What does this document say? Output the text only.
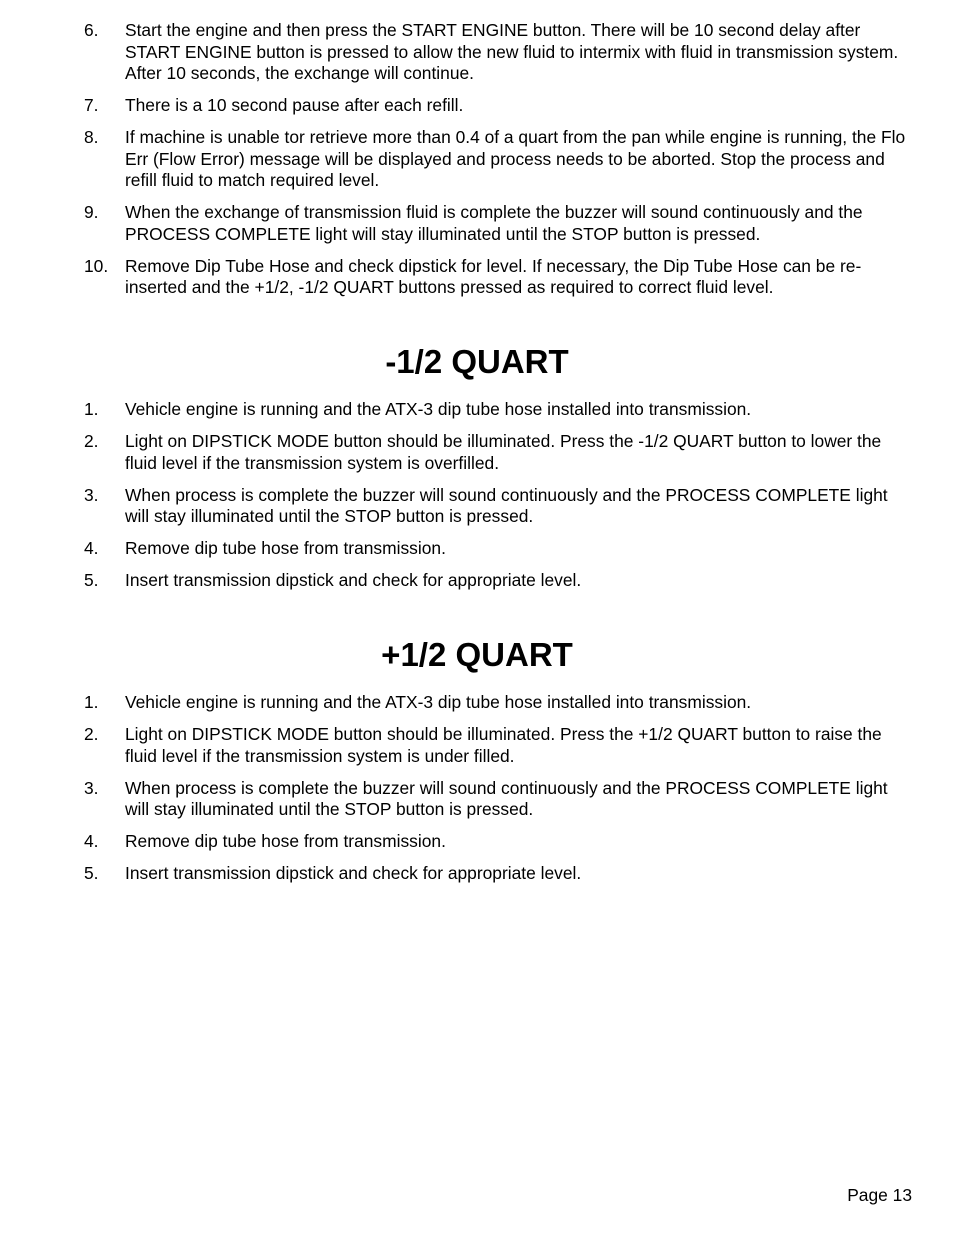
6.	Start the engine and then press the START ENGINE button. There will be 10 second delay after START ENGINE button is pressed to allow the new fluid to intermix with fluid in transmission system. After 10 seconds, the exchange will continue.
7.	There is a 10 second pause after each refill.
8.	If machine is unable tor retrieve more than 0.4 of a quart from the pan while engine is running, the Flo Err (Flow Error) message will be displayed and process needs to be aborted. Stop the process and refill fluid to match required level.
9.	When the exchange of transmission fluid is complete the buzzer will sound continuously and the PROCESS COMPLETE light will stay illuminated until the STOP button is pressed.
10. Remove Dip Tube Hose and check dipstick for level. If necessary, the Dip Tube Hose can be re-inserted and the +1/2, -1/2 QUART buttons pressed as required to correct fluid level.
-1/2 QUART
1.	Vehicle engine is running and the ATX-3 dip tube hose installed into transmission.
2.	Light on DIPSTICK MODE button should be illuminated. Press the -1/2 QUART button to lower the fluid level if the transmission system is overfilled.
3.	When process is complete the buzzer will sound continuously and the PROCESS COMPLETE light will stay illuminated until the STOP button is pressed.
4.	Remove dip tube hose from transmission.
5.	Insert transmission dipstick and check for appropriate level.
+1/2 QUART
1.	Vehicle engine is running and the ATX-3 dip tube hose installed into transmission.
2.	Light on DIPSTICK MODE button should be illuminated. Press the +1/2 QUART button to raise the fluid level if the transmission system is under filled.
3.	When process is complete the buzzer will sound continuously and the PROCESS COMPLETE light will stay illuminated until the STOP button is pressed.
4.	Remove dip tube hose from transmission.
5.	Insert transmission dipstick and check for appropriate level.
Page 13
